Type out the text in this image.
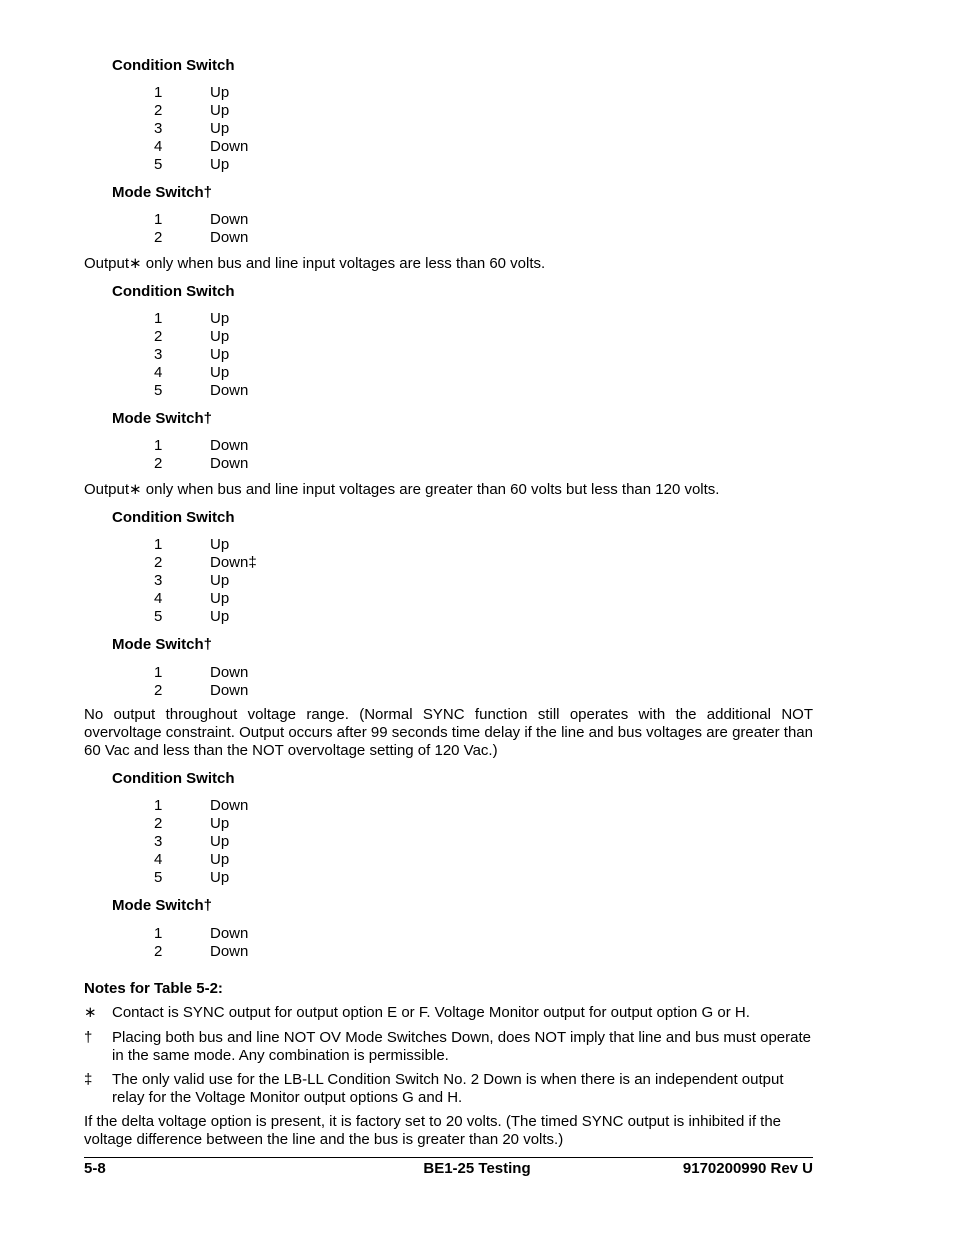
Condition Switch
1	Up
2	Up
3	Up
4	Down
5	Up
Mode Switch†
1	Down
2	Down
Condition Switch
1	Up
2	Up
3	Up
4	Up
5	Down
Mode Switch†
1	Down
2	Down
Condition Switch
1	Up
2	Down‡
3	Up
4	Up
5	Up
Mode Switch†
1	Down
2	Down
Condition Switch
1	Down
2	Up
3	Up
4	Up
5	Up
Mode Switch†
1	Down
2	Down
Output∗ only when bus and line input voltages are less than 60 volts.
Output∗ only when bus and line input voltages are greater than 60 volts but less than 120 volts.
No output throughout voltage range. (Normal SYNC function still operates with the additional NOT overvoltage constraint. Output occurs after 99 seconds time delay if the line and bus voltages are greater than 60 Vac and less than the NOT overvoltage setting of 120 Vac.)
Notes for Table 5-2:
∗ Contact is SYNC output for output option E or F. Voltage Monitor output for output option G or H.
† Placing both bus and line NOT OV Mode Switches Down, does NOT imply that line and bus must operate in the same mode. Any combination is permissible.
‡ The only valid use for the LB-LL Condition Switch No. 2 Down is when there is an independent output relay for the Voltage Monitor output options G and H.
If the delta voltage option is present, it is factory set to 20 volts. (The timed SYNC output is inhibited if the voltage difference between the line and the bus is greater than 20 volts.)
5-8	BE1-25 Testing	9170200990 Rev U
